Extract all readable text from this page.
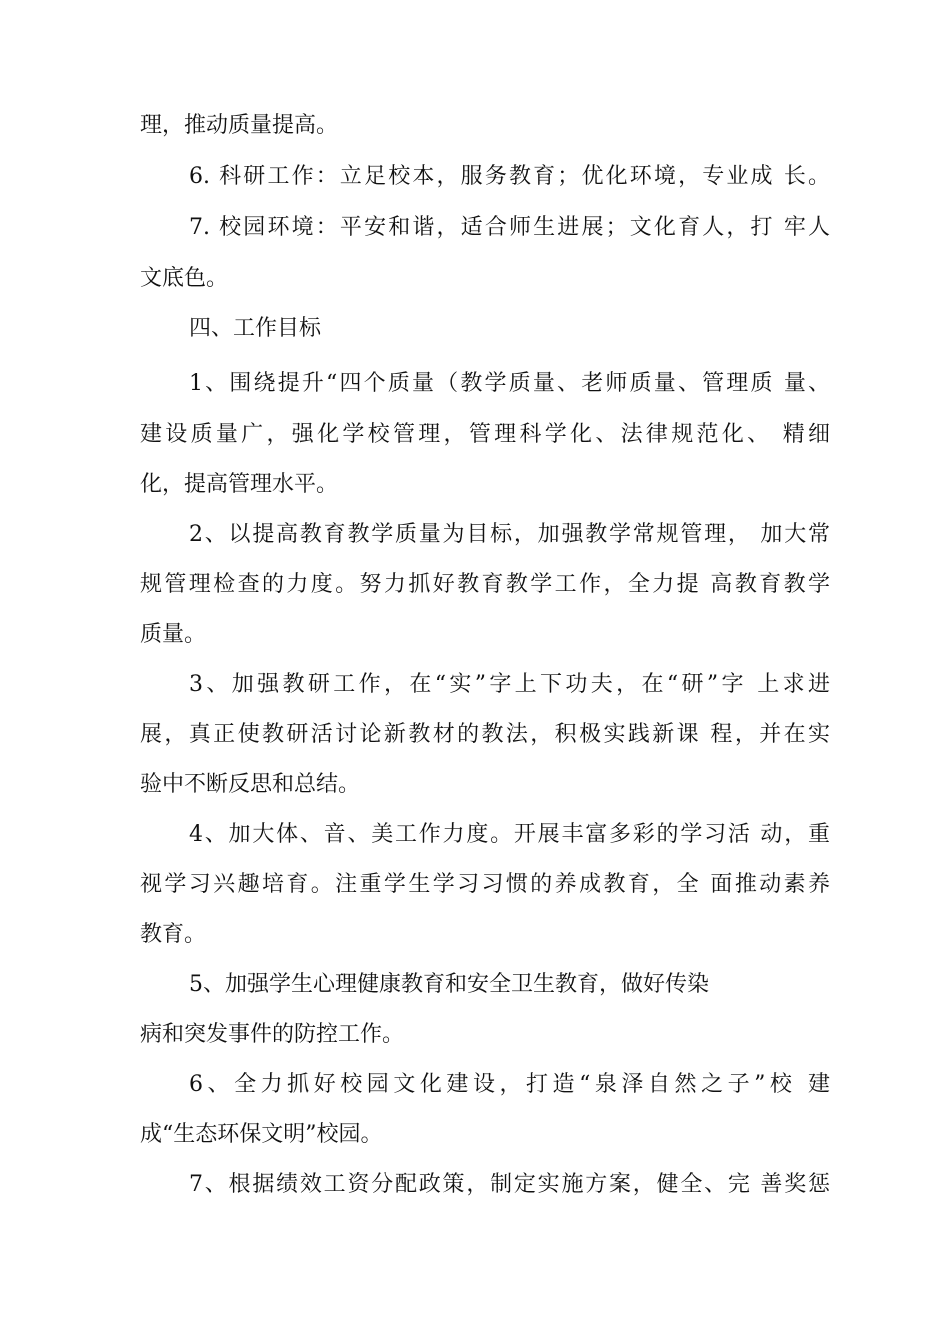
理，推动质量提高。
6. 科研工作：立足校本，服务教育；优化环境，专业成 长。
7. 校园环境：平安和谐，适合师生进展；文化育人，打 牢人
文底色。
四、工作目标
1、围绕提升“四个质量（教学质量、老师质量、管理质 量、
建设质量广，强化学校管理，管理科学化、法律规范化、 精细
化，提高管理水平。
2、以提高教育教学质量为目标，加强教学常规管理， 加大常
规管理检查的力度。努力抓好教育教学工作，全力提 高教育教学
质量。
3、加强教研工作，在“实”字上下功夫，在“研”字 上求进
展，真正使教研活讨论新教材的教法，积极实践新课 程，并在实
验中不断反思和总结。
4、加大体、音、美工作力度。开展丰富多彩的学习活 动，重
视学习兴趣培育。注重学生学习习惯的养成教育，全 面推动素养
教育。
5、加强学生心理健康教育和安全卫生教育，做好传染
病和突发事件的防控工作。
6、全力抓好校园文化建设，打造“泉泽自然之子”校 建
成“生态环保文明”校园。
7、根据绩效工资分配政策，制定实施方案，健全、完 善奖惩
